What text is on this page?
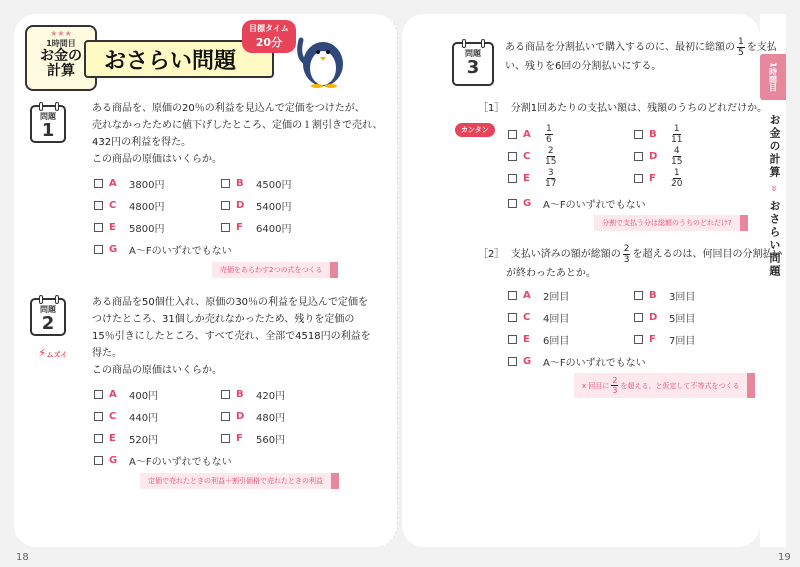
1時間目
お金の計算 » おさらい問題
★★★
1時間目
お金の
計算	おさらい問題
目標タイム
20分
問題
1
ある商品を、原価の20％の利益を見込んで定価をつけたが、
売れなかったために値下げしたところ、定価の１割引きで売れ、
432円の利益を得た。
この商品の原価はいくらか。
A 3800円	B 4500円
C 4800円	D 5400円
E	5800円	F	6400円
G A～Fのいずれでもない
売価をあらわす2つの式をつくる
問題
2
⚡ムズイ
ある商品を50個仕入れ、原価の30％の利益を見込んで定価を
つけたところ、31個しか売れなかったため、残りを定価の
15％引きにしたところ、すべて売れ、全部で4518円の利益を
得た。
この商品の原価はいくらか。
A 400円	B 420円
C 440円	D 480円
E	520円	F	560円
G A～Fのいずれでもない
定価で売れたときの利益＋割引価格で売れたときの利益
18
問題
3
ある商品を分割払いで購入するのに、最初に総額の $\frac{1}{5}$ を支払
い、残りを6回の分割払いにする。
［1］ 分割1回あたりの支払い額は、残額のうちのどれだけか。
カンタン	A $\frac{1}{6}$	B $\frac{1}{11}$
C $\frac{2}{15}$	D $\frac{4}{15}$
E	$\frac{3}{17}$	F	$\frac{1}{20}$
G A～Fのいずれでもない
分割で支払う分は総額のうちのどれだけ?
［2］
支払い済みの額が総額の $\frac{2}{3}$ を超えるのは、何回目の分割払い
が終わったあとか。
A 2回目	B 3回目
C 4回目	D 5回目
E	6回目	F	7回目
G A～Fのいずれでもない
x 回目に $\frac{2}{3}$ を超える、と仮定して不等式をつくる
19
